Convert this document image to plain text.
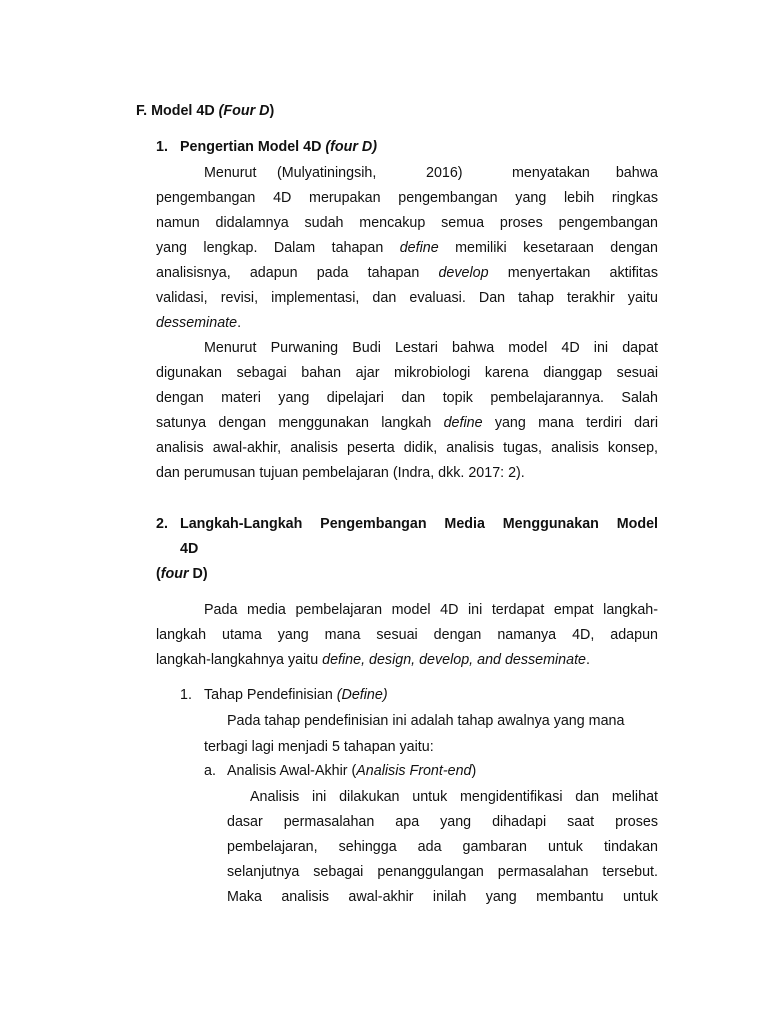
F. Model 4D (Four D)
1. Pengertian Model 4D (four D)
Menurut (Mulyatiningsih,	2016)	menyatakan bahwa
pengembangan 4D merupakan pengembangan yang lebih ringkas
namun didalamnya sudah mencakup semua proses pengembangan
yang lengkap. Dalam tahapan define memiliki kesetaraan dengan
analisisnya, adapun pada tahapan develop menyertakan aktifitas
validasi, revisi, implementasi, dan evaluasi. Dan tahap terakhir yaitu
desseminate.
Menurut Purwaning Budi Lestari bahwa model 4D ini dapat
digunakan sebagai bahan ajar mikrobiologi karena dianggap sesuai
dengan materi yang dipelajari dan topik pembelajarannya. Salah
satunya dengan menggunakan langkah define yang mana terdiri dari
analisis awal-akhir, analisis peserta didik, analisis tugas, analisis konsep,
dan perumusan tujuan pembelajaran (Indra, dkk. 2017: 2).
2. Langkah-Langkah Pengembangan Media Menggunakan Model
4D
(four D)
Pada media pembelajaran model 4D ini terdapat empat langkah-
langkah utama yang mana sesuai dengan namanya 4D, adapun
langkah-langkahnya yaitu define, design, develop, and desseminate.
1. Tahap Pendefinisian (Define)
Pada tahap pendefinisian ini adalah tahap awalnya yang mana
terbagi lagi menjadi 5 tahapan yaitu:
a. Analisis Awal-Akhir (Analisis Front-end)
Analisis ini dilakukan untuk mengidentifikasi dan melihat
dasar permasalahan apa yang dihadapi saat proses
pembelajaran, sehingga ada gambaran untuk tindakan
selanjutnya sebagai penanggulangan permasalahan tersebut.
Maka analisis awal-akhir inilah yang membantu untuk
